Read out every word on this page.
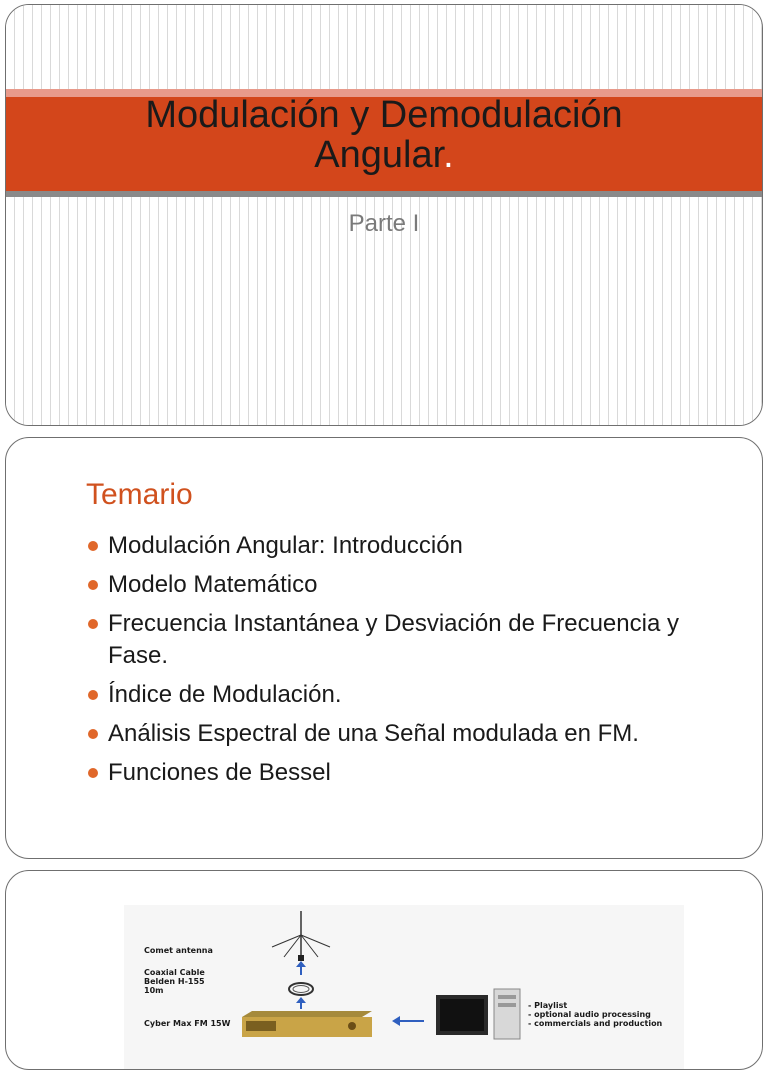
Modulación y Demodulación
Angular.
Parte I
Temario
Modulación Angular: Introducción
Modelo Matemático
Frecuencia Instantánea y Desviación de Frecuencia y Fase.
Índice de Modulación.
Análisis Espectral de una Señal modulada en FM.
Funciones de Bessel
Comet antenna
Coaxial Cable
Belden H-155
10m
Cyber Max FM 15W
- Playlist
- optional audio processing
- commercials and production
